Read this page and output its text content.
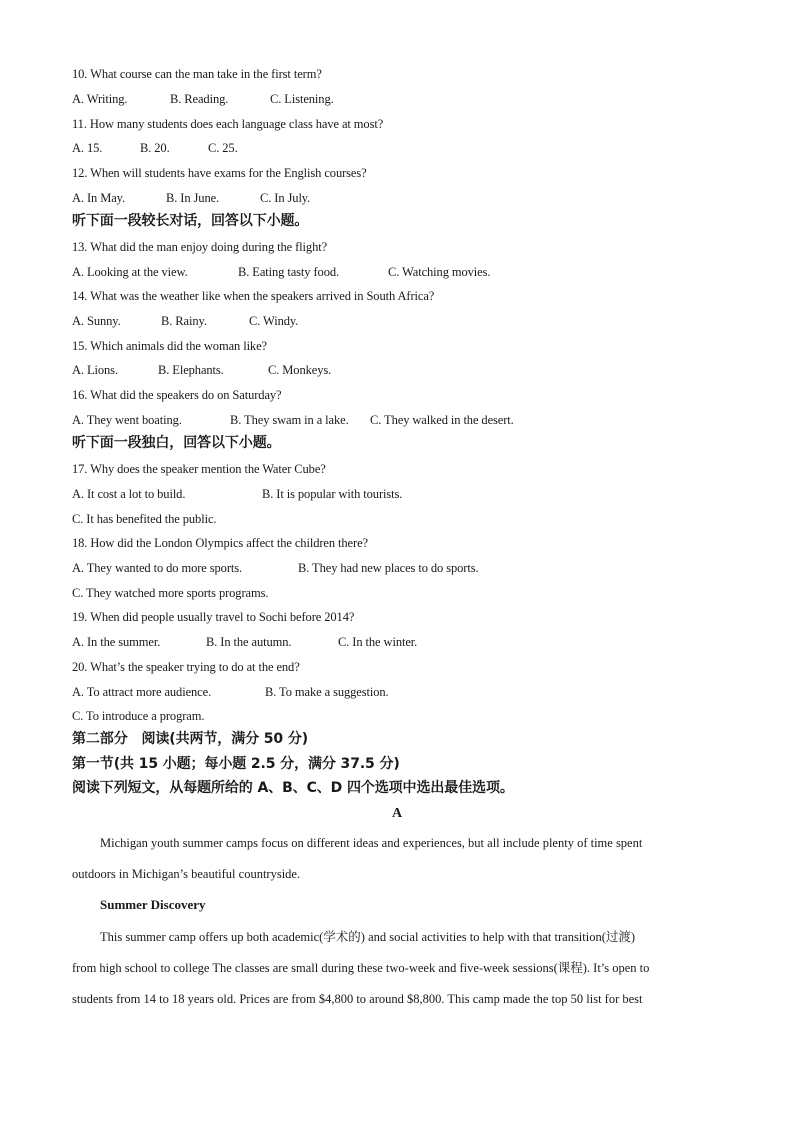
10. What course can the man take in the first term?
A. Writing.	B. Reading.	C. Listening.
11. How many students does each language class have at most?
A. 15.	B. 20.	C. 25.
12. When will students have exams for the English courses?
A. In May.	B. In June.	C. In July.
听下面一段较长对话，回答以下小题。
13. What did the man enjoy doing during the flight?
A. Looking at the view.	B. Eating tasty food.	C. Watching movies.
14. What was the weather like when the speakers arrived in South Africa?
A. Sunny.	B. Rainy.	C. Windy.
15. Which animals did the woman like?
A. Lions.	B. Elephants.	C. Monkeys.
16. What did the speakers do on Saturday?
A. They went boating.	B. They swam in a lake. C. They walked in the desert.
听下面一段独白，回答以下小题。
17. Why does the speaker mention the Water Cube?
A. It cost a lot to build.	B. It is popular with tourists.
C. It has benefited the public.
18. How did the London Olympics affect the children there?
A. They wanted to do more sports.	B. They had new places to do sports.
C. They watched more sports programs.
19. When did people usually travel to Sochi before 2014?
A. In the summer.	B. In the autumn.	C. In the winter.
20. What’s the speaker trying to do at the end?
A. To attract more audience.	B. To make a suggestion.
C. To introduce a program.
第二部分　阅读(共两节，满分 50 分)
第一节(共 15 小题；每小题 2.5 分，满分 37.5 分)
阅读下列短文，从每题所给的 A、B、C、D 四个选项中选出最佳选项。
A
Michigan youth summer camps focus on different ideas and experiences, but all include plenty of time spent
outdoors in Michigan’s beautiful countryside.
Summer Discovery
This summer camp offers up both academic(学术的) and social activities to help with that transition(过渡)
from high school to college The classes are small during these two-week and five-week sessions(课程). It’s open to
students from 14 to 18 years old. Prices are from $4,800 to around $8,800. This camp made the top 50 list for best
